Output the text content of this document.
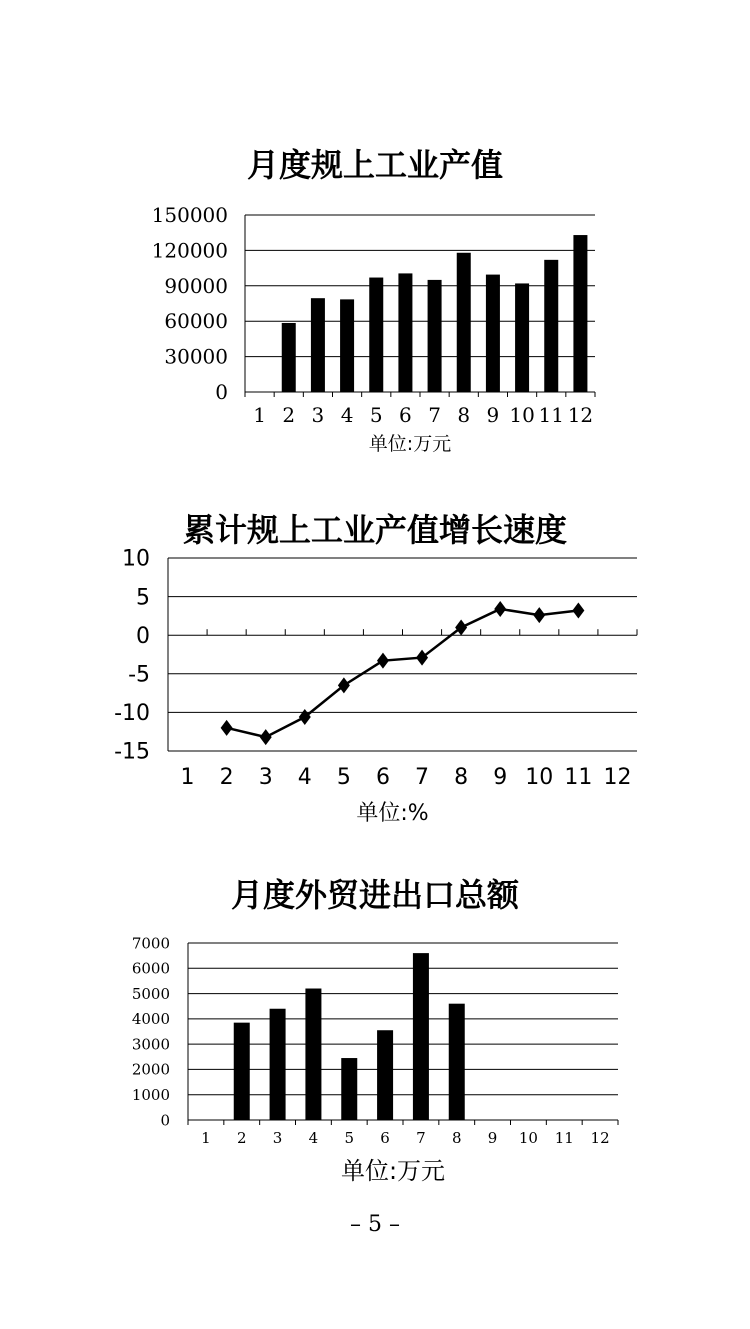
月度规上工业产值
0
30000
60000
90000
120000
150000
1 2 3 4 5 6 7 8 9 10 11 12
单位:万元
累计规上工业产值增长速度
-15
-10
-5
0
5
10
1 2 3 4 5 6 7 8 9 10 11 12
单位:%
月度外贸进出口总额
0
1000
2000
3000
4000
5000
6000
7000
1 2 3 4 5 6 7 8 9 10 11 12
单位:万元
– 5 –
